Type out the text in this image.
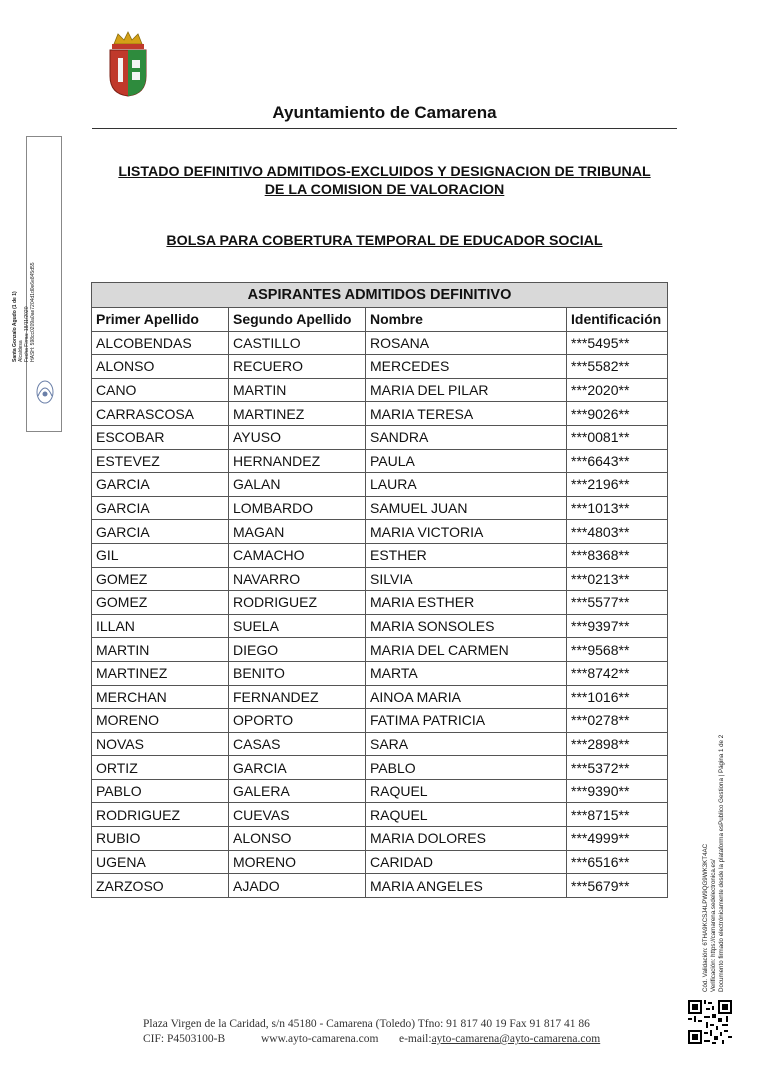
Ayuntamiento de Camarena
LISTADO DEFINITIVO ADMITIDOS-EXCLUIDOS Y DESIGNACION DE TRIBUNAL
DE LA COMISION DE VALORACION
BOLSA PARA COBERTURA TEMPORAL DE EDUCADOR SOCIAL
ASPIRANTES ADMITIDOS DEFINITIVO			
Primer Apellido	Segundo Apellido	Nombre	Identificación
ALCOBENDAS	CASTILLO	ROSANA	***5495**
ALONSO	RECUERO	MERCEDES	***5582**
CANO	MARTIN	MARIA DEL PILAR	***2020**
CARRASCOSA	MARTINEZ	MARIA TERESA	***9026**
ESCOBAR	AYUSO	SANDRA	***0081**
ESTEVEZ	HERNANDEZ	PAULA	***6643**
GARCIA	GALAN	LAURA	***2196**
GARCIA	LOMBARDO	SAMUEL JUAN	***1013**
GARCIA	MAGAN	MARIA VICTORIA	***4803**
GIL	CAMACHO	ESTHER	***8368**
GOMEZ	NAVARRO	SILVIA	***0213**
GOMEZ	RODRIGUEZ	MARIA ESTHER	***5577**
ILLAN	SUELA	MARIA SONSOLES	***9397**
MARTIN	DIEGO	MARIA DEL CARMEN	***9568**
MARTINEZ	BENITO	MARTA	***8742**
MERCHAN	FERNANDEZ	AINOA MARIA	***1016**
MORENO	OPORTO	FATIMA PATRICIA	***0278**
NOVAS	CASAS	SARA	***2898**
ORTIZ	GARCIA	PABLO	***5372**
PABLO	GALERA	RAQUEL	***9390**
RODRIGUEZ	CUEVAS	RAQUEL	***8715**
RUBIO	ALONSO	MARIA DOLORES	***4999**
UGENA	MORENO	CARIDAD	***6516**
ZARZOSO	AJADO	MARIA ANGELES	***5679**
Santa Gonzalo Agudo (1 de 1) Alcaldesa Fecha Firma: 18/11/2020 HASH: 598cc0209a0ae7204d1d0e6e845d55
Cód. Validación: 6THA9KCSJ4LPW9QG9WK3KT4AC Verificación: https://camarena.sedelectronica.es/ Documento firmado electrónicamente desde la plataforma esPublico Gestiona | Página 1 de 2
Plaza Virgen de la Caridad, s/n 45180 - Camarena (Toledo) Tfno: 91 817 40 19 Fax 91 817 41 86
CIF: P4503100-B	www.ayto-camarena.com	e-mail: ayto-camarena@ayto-camarena.com
